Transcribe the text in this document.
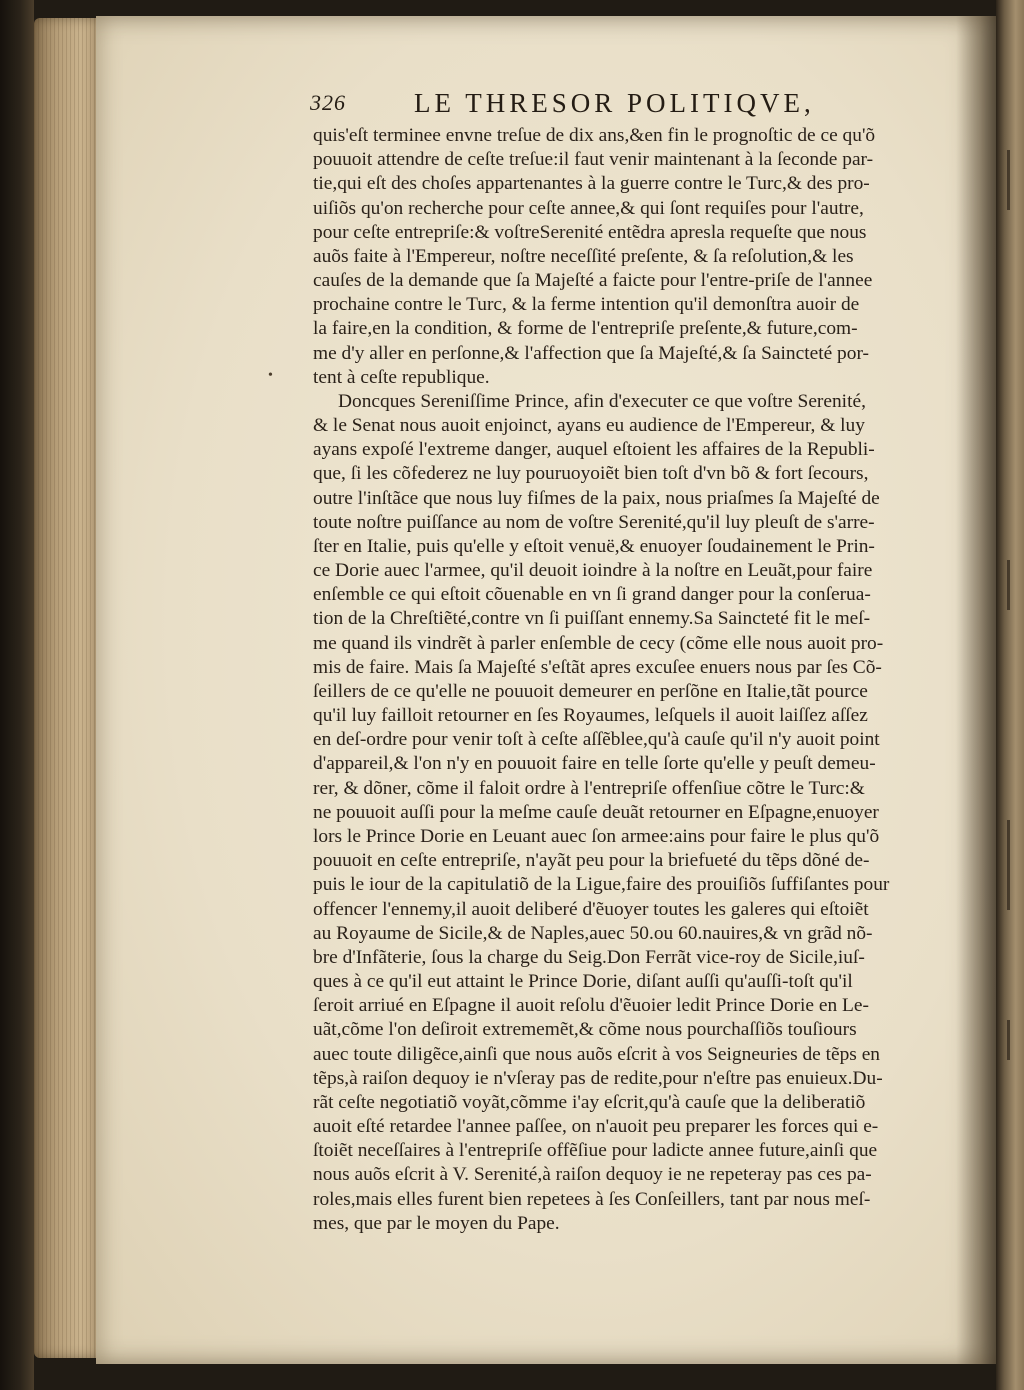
326	LE THRESOR POLITIQVE,
quis'eſt terminee envne treſue de dix ans,&en fin le prognoſtic de ce qu'õ
pouuoit attendre de ceſte treſue:il faut venir maintenant à la ſeconde par-
tie,qui eſt des choſes appartenantes à la guerre contre le Turc,& des pro-
uiſiõs qu'on recherche pour ceſte annee,& qui ſont requiſes pour l'autre,
pour ceſte entrepriſe:& voſtreSerenité entẽdra apresla requeſte que nous
auõs faite à l'Empereur, noſtre neceſſité preſente, & ſa reſolution,& les
cauſes de la demande que ſa Majeſté a faicte pour l'entre-priſe de l'annee
prochaine contre le Turc, & la ferme intention qu'il demonſtra auoir de
la faire,en la condition, & forme de l'entrepriſe preſente,& future,com-
me d'y aller en perſonne,& l'affection que ſa Majeſté,& ſa Saincteté por-
tent à ceſte republique.
Doncques Sereniſſime Prince, afin d'executer ce que voſtre Serenité,
& le Senat nous auoit enjoinct, ayans eu audience de l'Empereur, & luy
ayans expoſé l'extreme danger, auquel eſtoient les affaires de la Republi-
que, ſi les cõfederez ne luy pouruoyoiẽt bien toſt d'vn bõ & fort ſecours,
outre l'inſtãce que nous luy fiſmes de la paix, nous priaſmes ſa Majeſté de
toute noſtre puiſſance au nom de voſtre Serenité,qu'il luy pleuſt de s'arre-
ſter en Italie, puis qu'elle y eſtoit venuë,& enuoyer ſoudainement le Prin-
ce Dorie auec l'armee, qu'il deuoit ioindre à la noſtre en Leuãt,pour faire
enſemble ce qui eſtoit cõuenable en vn ſi grand danger pour la conſerua-
tion de la Chreſtiẽté,contre vn ſi puiſſant ennemy.Sa Saincteté fit le meſ-
me quand ils vindrẽt à parler enſemble de cecy (cõme elle nous auoit pro-
mis de faire. Mais ſa Majeſté s'eſtãt apres excuſee enuers nous par ſes Cõ-
ſeillers de ce qu'elle ne pouuoit demeurer en perſõne en Italie,tãt pource
qu'il luy failloit retourner en ſes Royaumes, leſquels il auoit laiſſez aſſez
en deſ-ordre pour venir toſt à ceſte aſſẽblee,qu'à cauſe qu'il n'y auoit point
d'appareil,& l'on n'y en pouuoit faire en telle ſorte qu'elle y peuſt demeu-
rer, & dõner, cõme il faloit ordre à l'entrepriſe offenſiue cõtre le Turc:&
ne pouuoit auſſi pour la meſme cauſe deuãt retourner en Eſpagne,enuoyer
lors le Prince Dorie en Leuant auec ſon armee:ains pour faire le plus qu'õ
pouuoit en ceſte entrepriſe, n'ayãt peu pour la briefueté du tẽps dõné de-
puis le iour de la capitulatiõ de la Ligue,faire des prouiſiõs ſuffiſantes pour
offencer l'ennemy,il auoit deliberé d'ẽuoyer toutes les galeres qui eſtoiẽt
au Royaume de Sicile,& de Naples,auec 50.ou 60.nauires,& vn grãd nõ-
bre d'Infãterie, ſous la charge du Seig.Don Ferrãt vice-roy de Sicile,iuſ-
ques à ce qu'il eut attaint le Prince Dorie, diſant auſſi qu'auſſi-toſt qu'il
ſeroit arriué en Eſpagne il auoit reſolu d'ẽuoier ledit Prince Dorie en Le-
uãt,cõme l'on deſiroit extrememẽt,& cõme nous pourchaſſiõs touſiours
auec toute diligẽce,ainſi que nous auõs eſcrit à vos Seigneuries de tẽps en
tẽps,à raiſon dequoy ie n'vſeray pas de redite,pour n'eſtre pas enuieux.Du-
rãt ceſte negotiatiõ voyãt,cõmme i'ay eſcrit,qu'à cauſe que la deliberatiõ
auoit eſté retardee l'annee paſſee, on n'auoit peu preparer les forces qui e-
ſtoiẽt neceſſaires à l'entrepriſe offẽſiue pour ladicte annee future,ainſi que
nous auõs eſcrit à V. Serenité,à raiſon dequoy ie ne repeteray pas ces pa-
roles,mais elles furent bien repetees à ſes Conſeillers, tant par nous meſ-
mes, que par le moyen du Pape.
•
